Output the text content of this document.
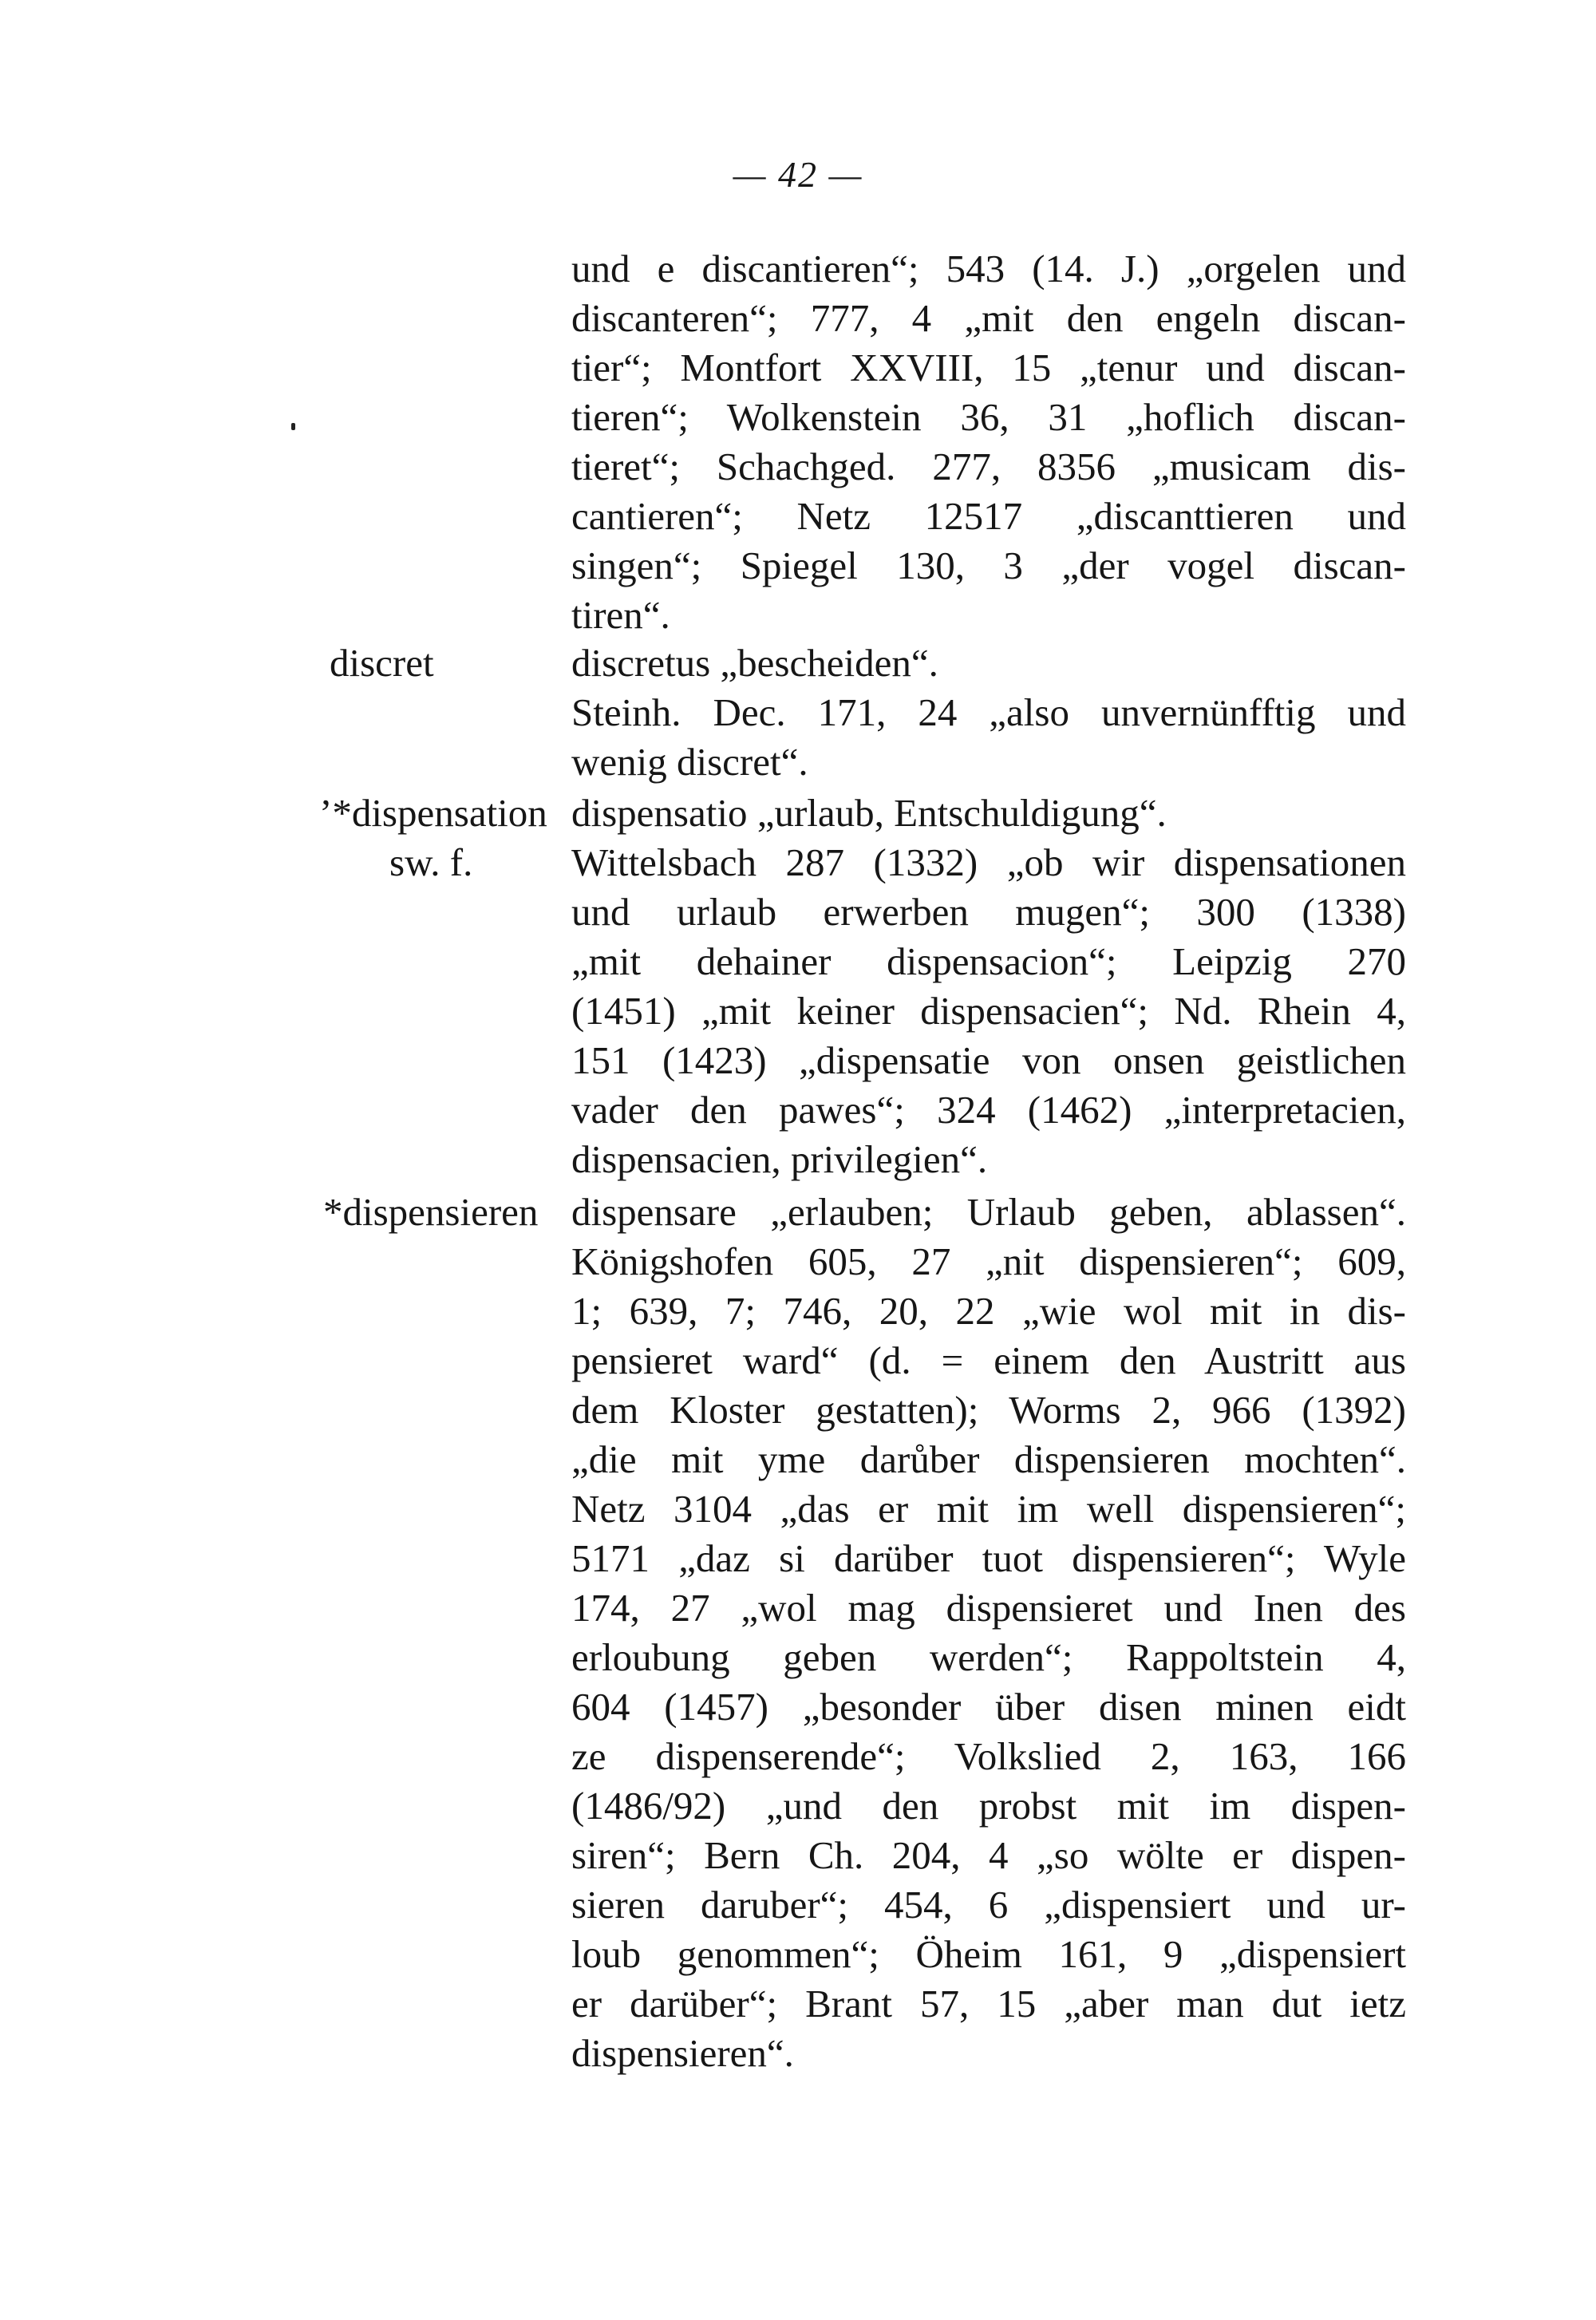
— 42 —
und e discantieren“; 543 (14. J.) „orgelen und
discanteren“; 777, 4 „mit den engeln discan-
tier“; Montfort XXVIII, 15 „tenur und discan-
tieren“; Wolkenstein 36, 31 „hoflich discan-
tieret“; Schachged. 277, 8356 „musicam dis-
cantieren“; Netz 12517 „discanttieren und
singen“; Spiegel 130, 3 „der vogel discan-
tiren“.
discret	discretus „bescheiden“.
Steinh. Dec. 171, 24 „also unvernünfftig und
wenig discret“.
’*dispensation
sw. f.
dispensatio „urlaub, Entschuldigung“.
Wittelsbach 287 (1332) „ob wir dispensationen
und urlaub erwerben mugen“; 300 (1338)
„mit dehainer dispensacion“; Leipzig 270
(1451) „mit keiner dispensacien“; Nd. Rhein 4,
151 (1423) „dispensatie von onsen geistlichen
vader den pawes“; 324 (1462) „interpretacien,
dispensacien, privilegien“.
*dispensieren dispensare „erlauben; Urlaub geben, ablassen“.
Königshofen 605, 27 „nit dispensieren“; 609,
1; 639, 7; 746, 20, 22 „wie wol mit in dis-
pensieret ward“ (d. = einem den Austritt aus
dem Kloster gestatten); Worms 2, 966 (1392)
„die mit yme darůber dispensieren mochten“.
Netz 3104 „das er mit im well dispensieren“;
5171 „daz si darüber tuot dispensieren“; Wyle
174, 27 „wol mag dispensieret und Inen des
erloubung geben werden“; Rappoltstein 4,
604 (1457) „besonder über disen minen eidt
ze dispenserende“; Volkslied 2, 163, 166
(1486/92) „und den probst mit im dispen-
siren“; Bern Ch. 204, 4 „so wölte er dispen-
sieren daruber“; 454, 6 „dispensiert und ur-
loub genommen“; Öheim 161, 9 „dispensiert
er darüber“; Brant 57, 15 „aber man dut ietz
dispensieren“.
